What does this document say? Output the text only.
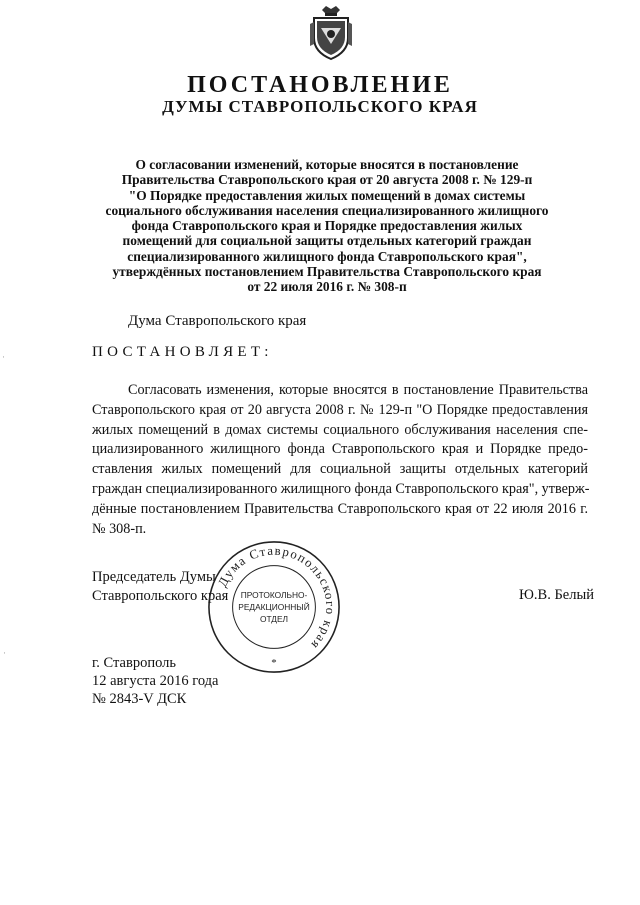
ПОСТАНОВЛЕНИЕ
ДУМЫ СТАВРОПОЛЬСКОГО КРАЯ
О согласовании изменений, которые вносятся в постановление
Правительства Ставропольского края от 20 августа 2008 г. № 129-п
"О Порядке предоставления жилых помещений в домах системы
социального обслуживания населения специализированного жилищного
фонда Ставропольского края и Порядке предоставления жилых
помещений для социальной защиты отдельных категорий граждан
специализированного жилищного фонда Ставропольского края",
утверждённых постановлением Правительства Ставропольского края
от 22 июля 2016 г. № 308-п
Дума Ставропольского края
ПОСТАНОВЛЯЕТ:
Согласовать изменения, которые вносятся в постановление Правительства
Ставропольского края от 20 августа 2008 г. № 129-п "О Порядке предоставления
жилых помещений в домах системы социального обслуживания населения спе-
циализированного жилищного фонда Ставропольского края и Порядке предо-
ставления жилых помещений для социальной защиты отдельных категорий
граждан специализированного жилищного фонда Ставропольского края", утверж-
дённые постановлением Правительства Ставропольского края от 22 июля 2016 г.
№ 308-п.
Председатель Думы
Ставропольского края	Ю.В. Белый
Дума Ставропольского края
ПРОТОКОЛЬНО-
РЕДАКЦИОННЫЙ
ОТДЕЛ
*
г. Ставрополь
12 августа 2016 года
№ 2843-V ДСК
·
·
